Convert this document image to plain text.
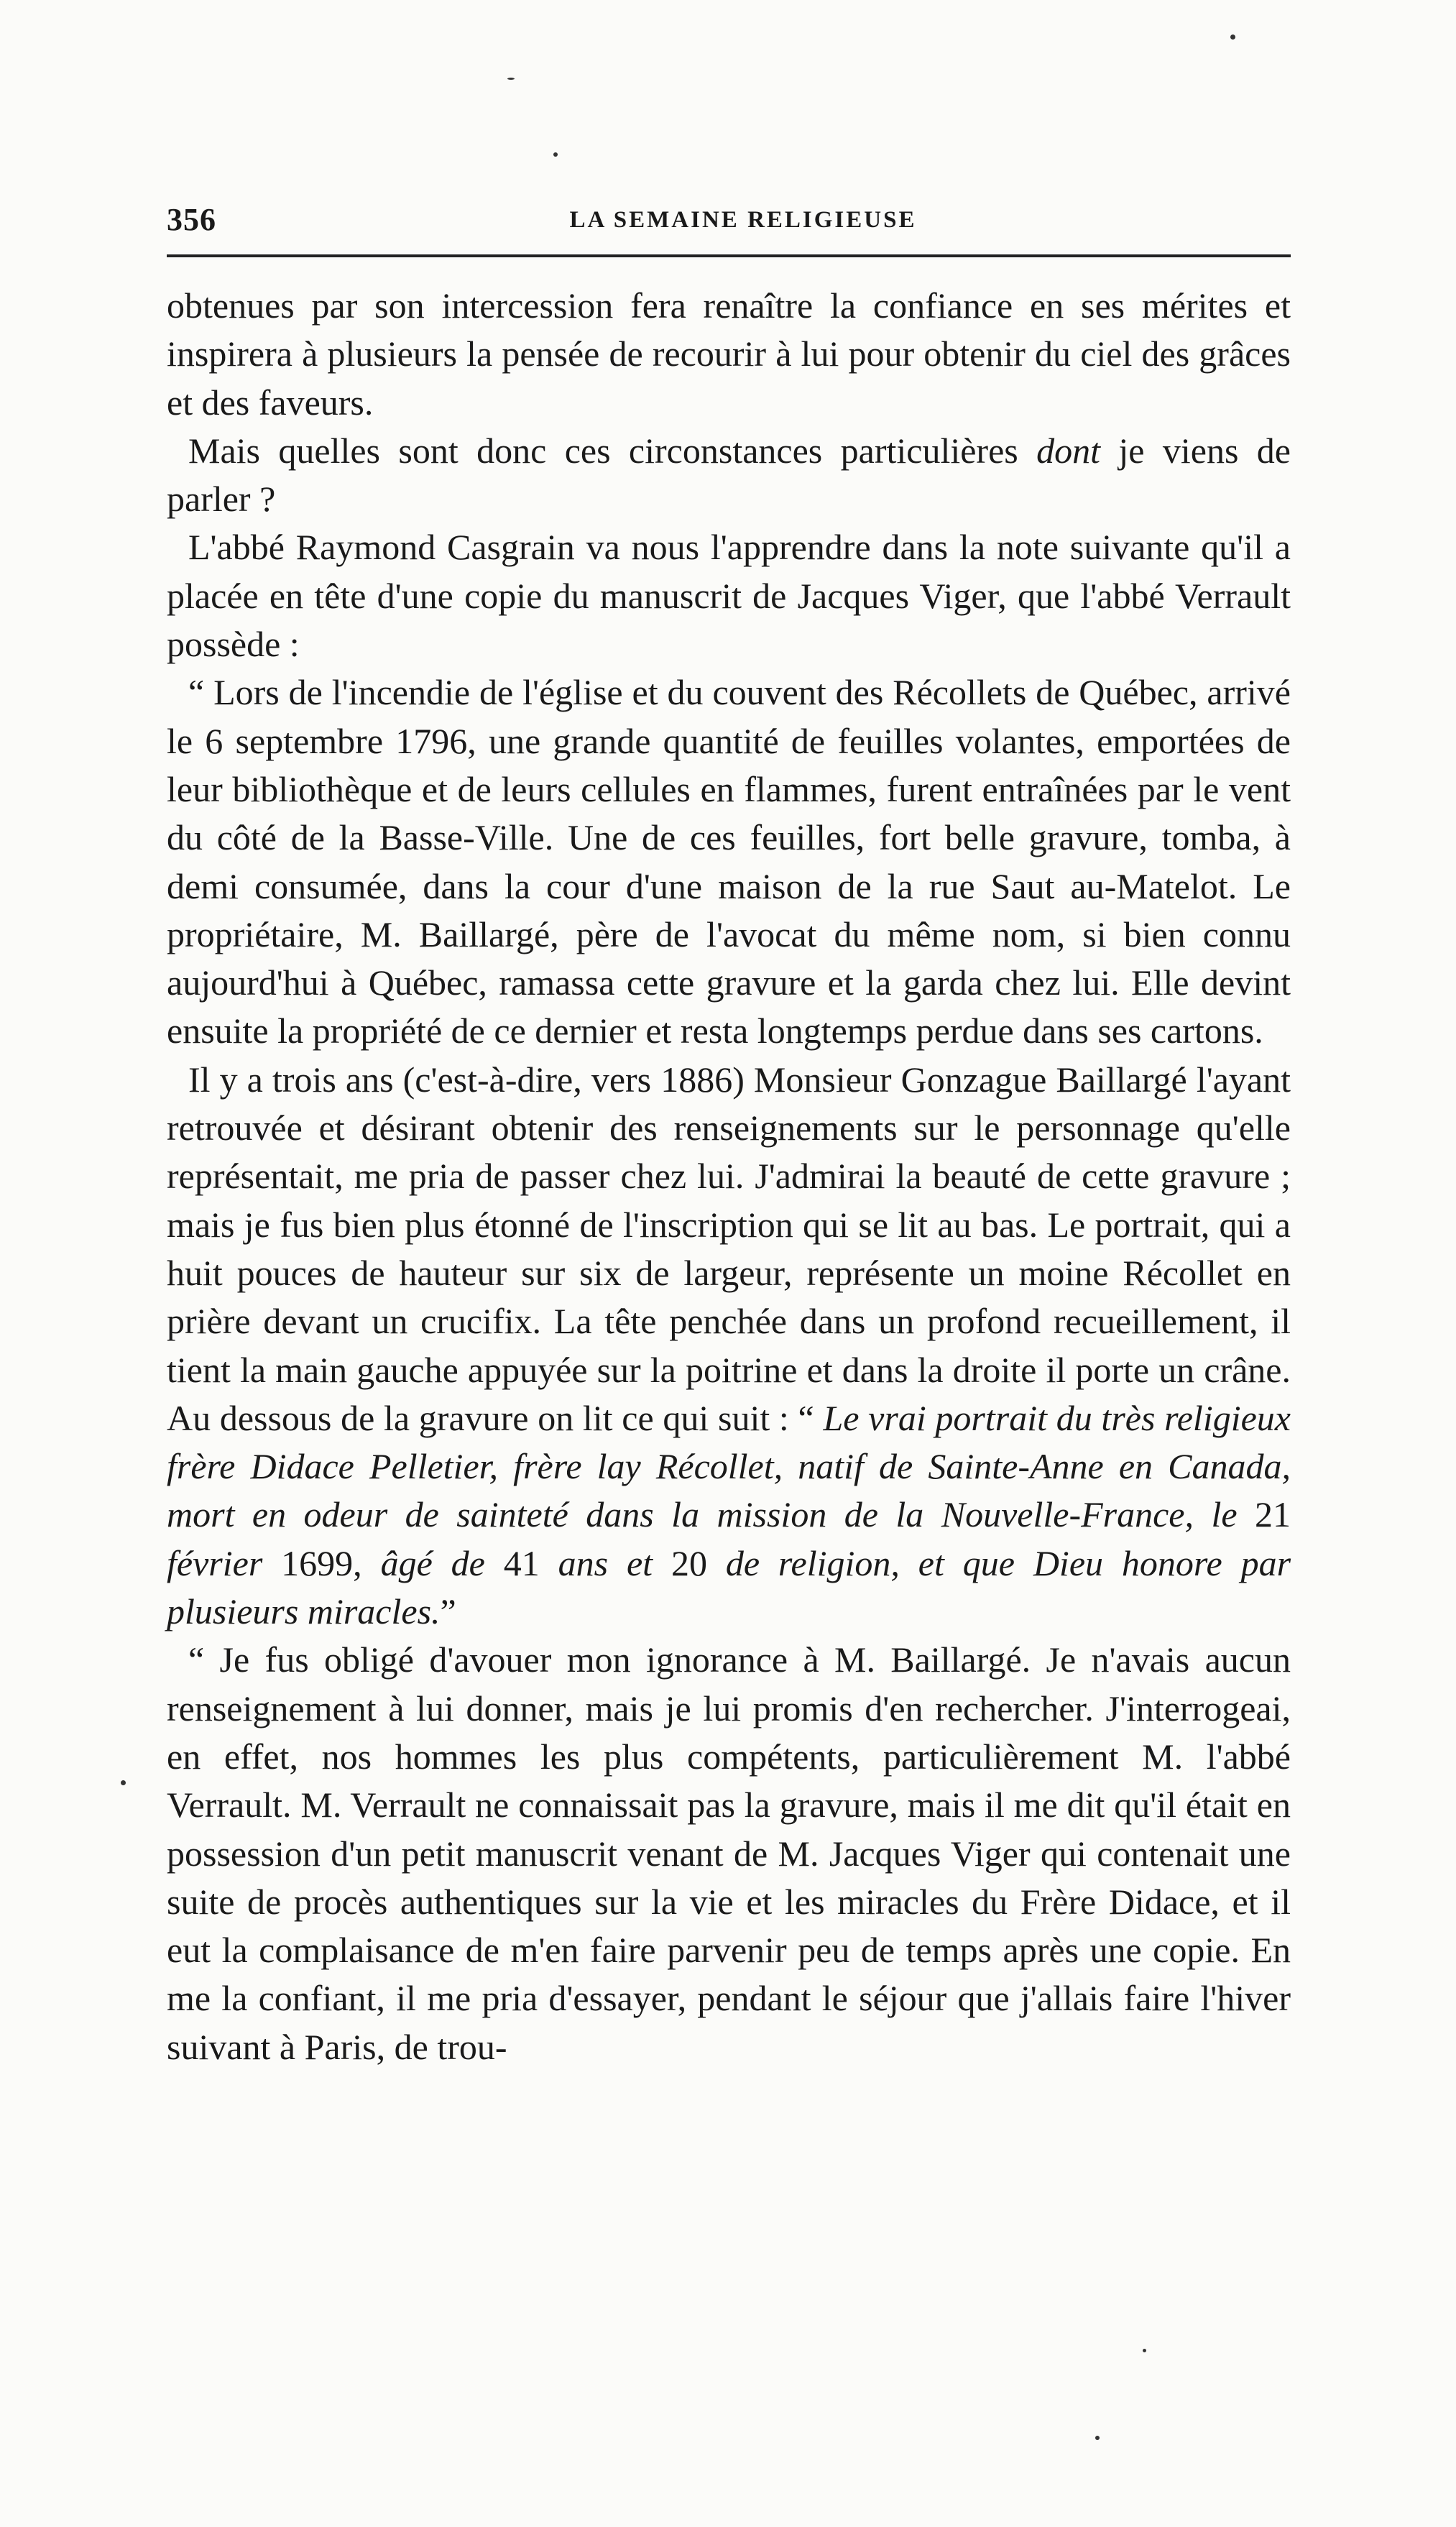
356	LA SEMAINE RELIGIEUSE

obtenues par son intercession fera renaître la confiance en ses mérites et inspirera à plusieurs la pensée de recourir à lui pour obtenir du ciel des grâces et des faveurs.

Mais quelles sont donc ces circonstances particulières dont je viens de parler ?

L'abbé Raymond Casgrain va nous l'apprendre dans la note suivante qu'il a placée en tête d'une copie du manuscrit de Jacques Viger, que l'abbé Verrault possède :

“ Lors de l'incendie de l'église et du couvent des Récollets de Québec, arrivé le 6 septembre 1796, une grande quantité de feuilles volantes, emportées de leur bibliothèque et de leurs cellules en flammes, furent entraînées par le vent du côté de la Basse-Ville. Une de ces feuilles, fort belle gravure, tomba, à demi consumée, dans la cour d'une maison de la rue Saut au-Matelot. Le propriétaire, M. Baillargé, père de l'avocat du même nom, si bien connu aujourd'hui à Québec, ramassa cette gravure et la garda chez lui. Elle devint ensuite la propriété de ce dernier et resta longtemps perdue dans ses cartons.

Il y a trois ans (c'est-à-dire, vers 1886) Monsieur Gonzague Baillargé l'ayant retrouvée et désirant obtenir des renseignements sur le personnage qu'elle représentait, me pria de passer chez lui. J'admirai la beauté de cette gravure ; mais je fus bien plus étonné de l'inscription qui se lit au bas. Le portrait, qui a huit pouces de hauteur sur six de largeur, représente un moine Récollet en prière devant un crucifix. La tête penchée dans un profond recueillement, il tient la main gauche appuyée sur la poitrine et dans la droite il porte un crâne. Au dessous de la gravure on lit ce qui suit : “ Le vrai portrait du très religieux frère Didace Pelletier, frère lay Récollet, natif de Sainte-Anne en Canada, mort en odeur de sainteté dans la mission de la Nouvelle-France, le 21 février 1699, âgé de 41 ans et 20 de religion, et que Dieu honore par plusieurs miracles.”

“ Je fus obligé d'avouer mon ignorance à M. Baillargé. Je n'avais aucun renseignement à lui donner, mais je lui promis d'en rechercher. J'interrogeai, en effet, nos hommes les plus compétents, particulièrement M. l'abbé Verrault. M. Verrault ne connaissait pas la gravure, mais il me dit qu'il était en possession d'un petit manuscrit venant de M. Jacques Viger qui contenait une suite de procès authentiques sur la vie et les miracles du Frère Didace, et il eut la complaisance de m'en faire parvenir peu de temps après une copie. En me la confiant, il me pria d'essayer, pendant le séjour que j'allais faire l'hiver suivant à Paris, de trou-
